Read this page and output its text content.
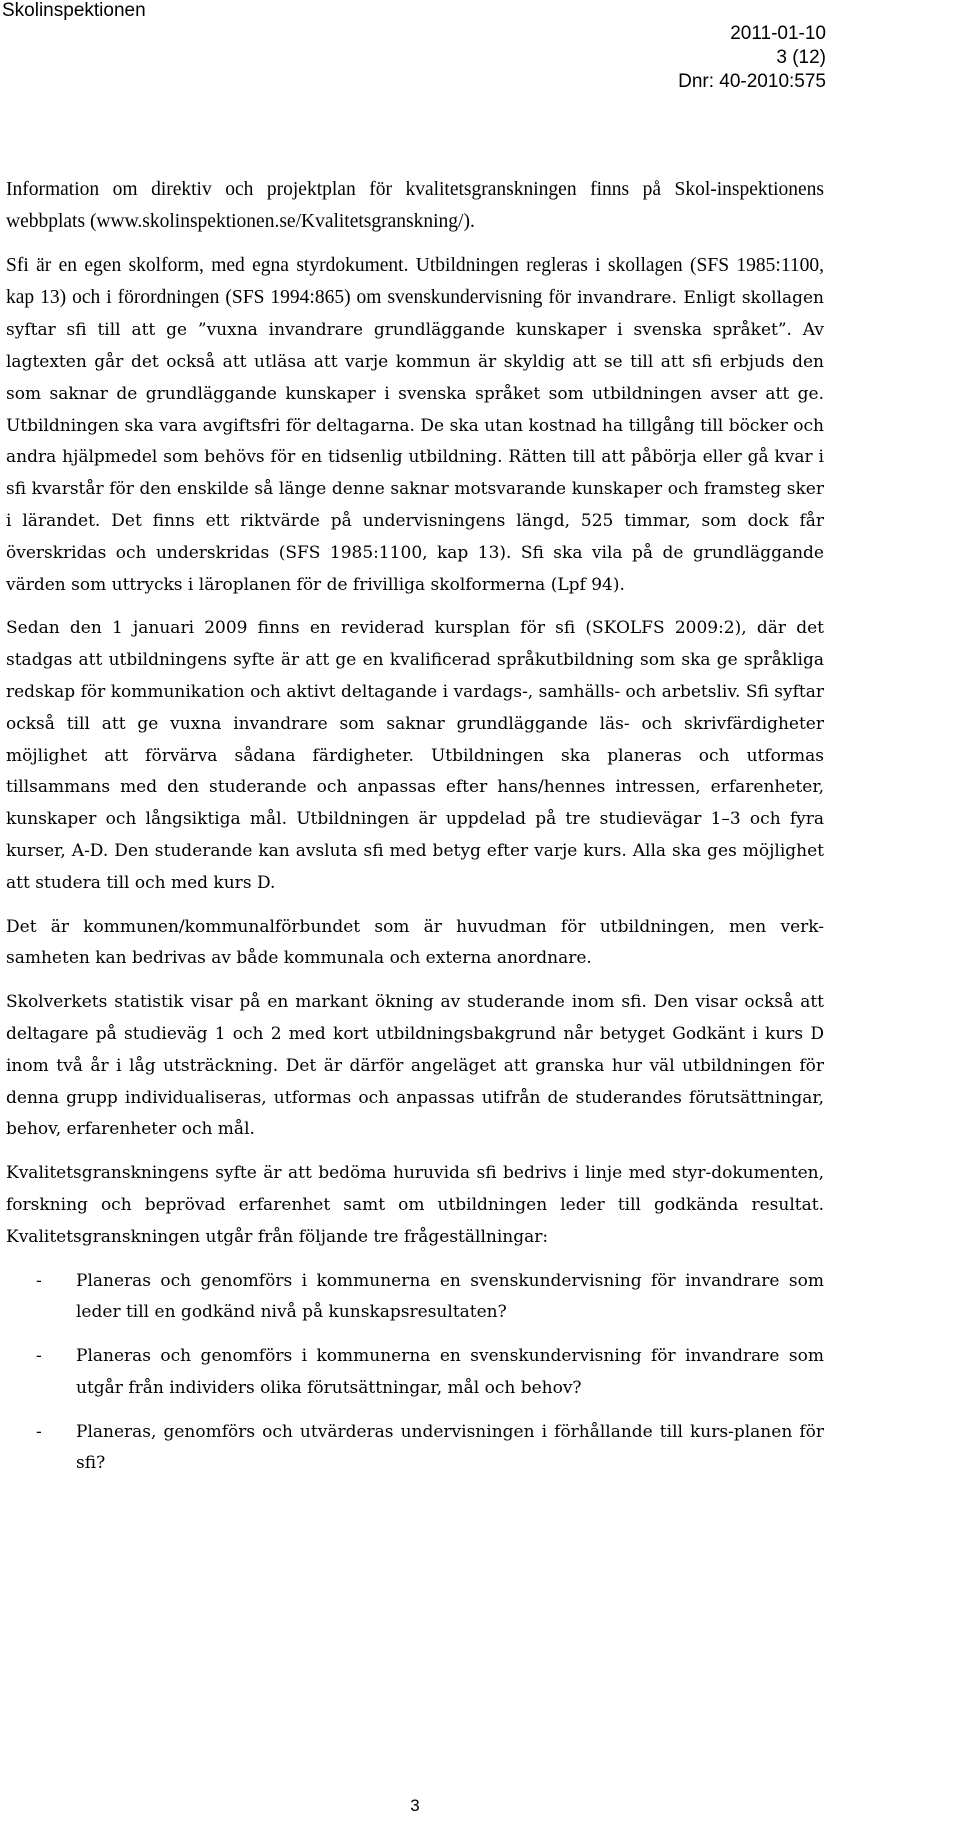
Skolinspektionen
2011-01-10
3 (12)
Dnr: 40-2010:575

Information om direktiv och projektplan för kvalitetsgranskningen finns på Skol-inspektionens webbplats (www.skolinspektionen.se/Kvalitetsgranskning/).

Sfi är en egen skolform, med egna styrdokument. Utbildningen regleras i skollagen (SFS 1985:1100, kap 13) och i förordningen (SFS 1994:865) om svenskundervisning för invandrare. Enligt skollagen syftar sfi till att ge ”vuxna invandrare grundläggande kunskaper i svenska språket”. Av lagtexten går det också att utläsa att varje kommun är skyldig att se till att sfi erbjuds den som saknar de grundläggande kunskaper i svenska språket som utbildningen avser att ge. Utbildningen ska vara avgiftsfri för deltagarna. De ska utan kostnad ha tillgång till böcker och andra hjälpmedel som behövs för en tidsenlig utbildning. Rätten till att påbörja eller gå kvar i sfi kvarstår för den enskilde så länge denne saknar motsvarande kunskaper och framsteg sker i lärandet. Det finns ett riktvärde på undervisningens längd, 525 timmar, som dock får överskridas och underskridas (SFS 1985:1100, kap 13). Sfi ska vila på de grundläggande värden som uttrycks i läroplanen för de frivilliga skolformerna (Lpf 94).

Sedan den 1 januari 2009 finns en reviderad kursplan för sfi (SKOLFS 2009:2), där det stadgas att utbildningens syfte är att ge en kvalificerad språkutbildning som ska ge språkliga redskap för kommunikation och aktivt deltagande i vardags-, samhälls- och arbetsliv. Sfi syftar också till att ge vuxna invandrare som saknar grundläggande läs- och skrivfärdigheter möjlighet att förvärva sådana färdigheter. Utbildningen ska planeras och utformas tillsammans med den studerande och anpassas efter hans/hennes intressen, erfarenheter, kunskaper och långsiktiga mål. Utbildningen är uppdelad på tre studievägar 1–3 och fyra kurser, A-D. Den studerande kan avsluta sfi med betyg efter varje kurs. Alla ska ges möjlighet att studera till och med kurs D.

Det är kommunen/kommunalförbundet som är huvudman för utbildningen, men verk-samheten kan bedrivas av både kommunala och externa anordnare.

Skolverkets statistik visar på en markant ökning av studerande inom sfi. Den visar också att deltagare på studieväg 1 och 2 med kort utbildningsbakgrund når betyget Godkänt i kurs D inom två år i låg utsträckning. Det är därför angeläget att granska hur väl utbildningen för denna grupp individualiseras, utformas och anpassas utifrån de studerandes förutsättningar, behov, erfarenheter och mål.

Kvalitetsgranskningens syfte är att bedöma huruvida sfi bedrivs i linje med styr-dokumenten, forskning och beprövad erfarenhet samt om utbildningen leder till godkända resultat. Kvalitetsgranskningen utgår från följande tre frågeställningar:

-	Planeras och genomförs i kommunerna en svenskundervisning för invandrare som leder till en godkänd nivå på kunskapsresultaten?
-	Planeras och genomförs i kommunerna en svenskundervisning för invandrare som utgår från individers olika förutsättningar, mål och behov?
-	Planeras, genomförs och utvärderas undervisningen i förhållande till kurs-planen för sfi?
3
